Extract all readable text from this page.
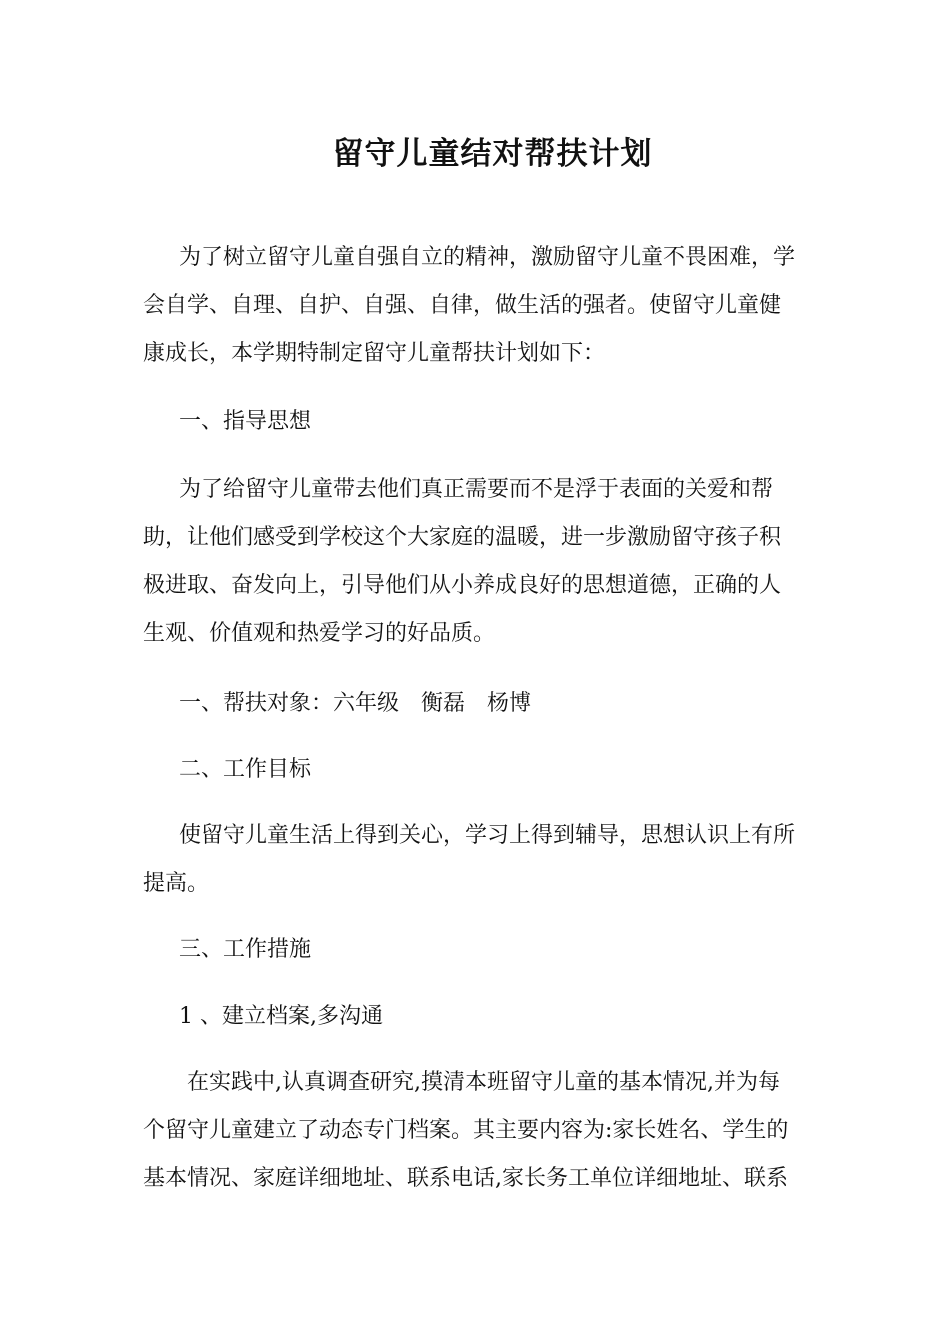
留守儿童结对帮扶计划
为了树立留守儿童自强自立的精神，激励留守儿童不畏困难，学
会自学、自理、自护、自强、自律，做生活的强者。使留守儿童健
康成长，本学期特制定留守儿童帮扶计划如下：
一、指导思想
为了给留守儿童带去他们真正需要而不是浮于表面的关爱和帮
助，让他们感受到学校这个大家庭的温暖，进一步激励留守孩子积
极进取、奋发向上，引导他们从小养成良好的思想道德，正确的人
生观、价值观和热爱学习的好品质。
一、帮扶对象：六年级　衡磊　杨博
二、工作目标
使留守儿童生活上得到关心，学习上得到辅导，思想认识上有所
提高。
三、工作措施
1 、建立档案,多沟通
在实践中,认真调查研究,摸清本班留守儿童的基本情况,并为每
个留守儿童建立了动态专门档案。其主要内容为:家长姓名、学生的
基本情况、家庭详细地址、联系电话,家长务工单位详细地址、联系
